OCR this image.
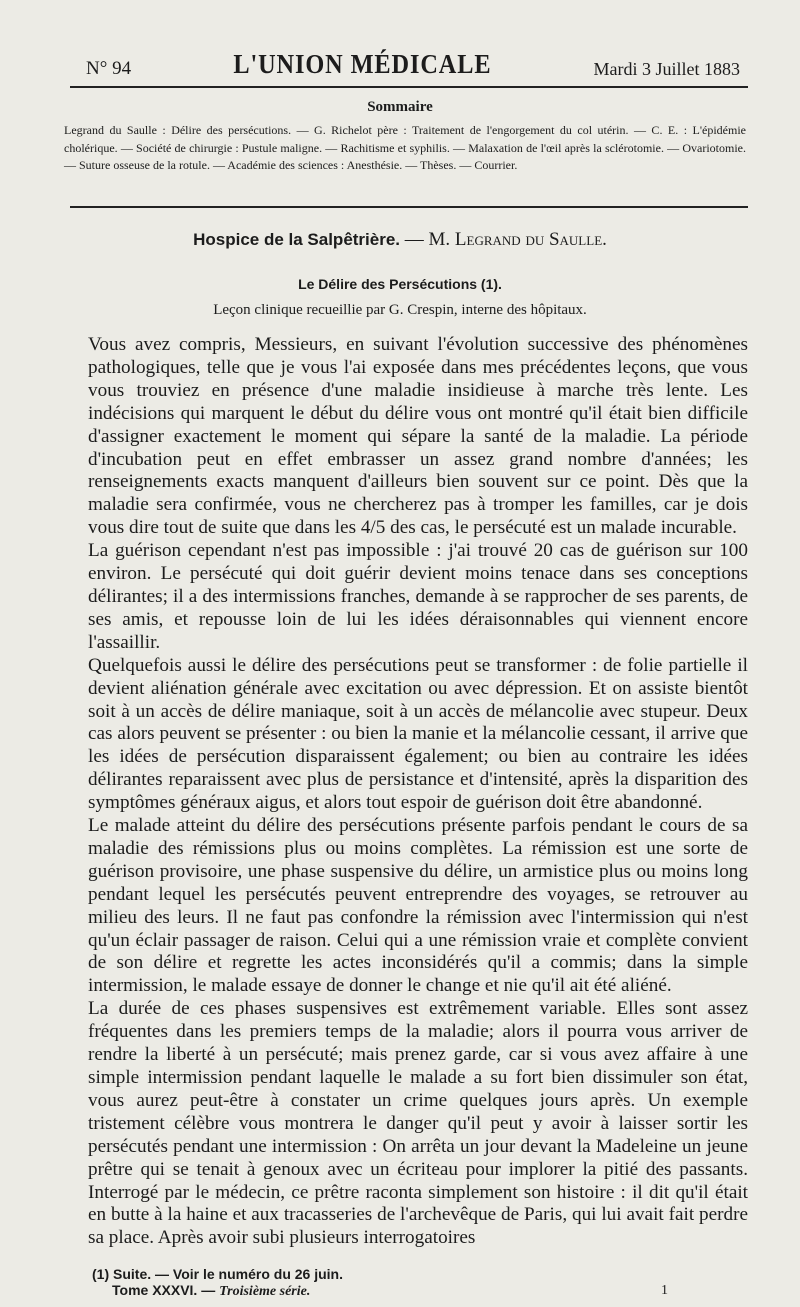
N° 94	L'UNION MÉDICALE	Mardi 3 Juillet 1883
Sommaire
Legrand du Saulle : Délire des persécutions. — G. Richelot père : Traitement de l'engorgement du col utérin. — C. E. : L'épidémie cholérique. — Société de chirurgie : Pustule maligne. — Rachitisme et syphilis. — Malaxation de l'œil après la sclérotomie. — Ovariotomie. — Suture osseuse de la rotule. — Académie des sciences : Anesthésie. — Thèses. — Courrier.
Hospice de la Salpêtrière. — M. Legrand du Saulle.
Le Délire des Persécutions (1).
Leçon clinique recueillie par G. Crespin, interne des hôpitaux.

Vous avez compris, Messieurs, en suivant l'évolution successive des phénomènes pathologiques, telle que je vous l'ai exposée dans mes précédentes leçons, que vous vous trouviez en présence d'une maladie insidieuse à marche très lente. Les indécisions qui marquent le début du délire vous ont montré qu'il était bien difficile d'assigner exactement le moment qui sépare la santé de la maladie. La période d'incubation peut en effet embrasser un assez grand nombre d'années; les renseignements exacts manquent d'ailleurs bien souvent sur ce point. Dès que la maladie sera confirmée, vous ne chercherez pas à tromper les familles, car je dois vous dire tout de suite que dans les 4/5 des cas, le persécuté est un malade incurable.

La guérison cependant n'est pas impossible : j'ai trouvé 20 cas de guérison sur 100 environ. Le persécuté qui doit guérir devient moins tenace dans ses conceptions délirantes; il a des intermissions franches, demande à se rapprocher de ses parents, de ses amis, et repousse loin de lui les idées déraisonnables qui viennent encore l'assaillir.

Quelquefois aussi le délire des persécutions peut se transformer : de folie partielle il devient aliénation générale avec excitation ou avec dépression. Et on assiste bientôt soit à un accès de délire maniaque, soit à un accès de mélancolie avec stupeur. Deux cas alors peuvent se présenter : ou bien la manie et la mélancolie cessant, il arrive que les idées de persécution disparaissent également; ou bien au contraire les idées délirantes reparaissent avec plus de persistance et d'intensité, après la disparition des symptômes généraux aigus, et alors tout espoir de guérison doit être abandonné.

Le malade atteint du délire des persécutions présente parfois pendant le cours de sa maladie des rémissions plus ou moins complètes. La rémission est une sorte de guérison provisoire, une phase suspensive du délire, un armistice plus ou moins long pendant lequel les persécutés peuvent entreprendre des voyages, se retrouver au milieu des leurs. Il ne faut pas confondre la rémission avec l'intermission qui n'est qu'un éclair passager de raison. Celui qui a une rémission vraie et complète convient de son délire et regrette les actes inconsidérés qu'il a commis; dans la simple intermission, le malade essaye de donner le change et nie qu'il ait été aliéné.

La durée de ces phases suspensives est extrêmement variable. Elles sont assez fréquentes dans les premiers temps de la maladie; alors il pourra vous arriver de rendre la liberté à un persécuté; mais prenez garde, car si vous avez affaire à une simple intermission pendant laquelle le malade a su fort bien dissimuler son état, vous aurez peut-être à constater un crime quelques jours après. Un exemple tristement célèbre vous montrera le danger qu'il peut y avoir à laisser sortir les persécutés pendant une intermission : On arrêta un jour devant la Madeleine un jeune prêtre qui se tenait à genoux avec un écriteau pour implorer la pitié des passants. Interrogé par le médecin, ce prêtre raconta simplement son histoire : il dit qu'il était en butte à la haine et aux tracasseries de l'archevêque de Paris, qui lui avait fait perdre sa place. Après avoir subi plusieurs interrogatoires

(1) Suite. — Voir le numéro du 26 juin.
Tome XXXVI. — Troisième série.	1
